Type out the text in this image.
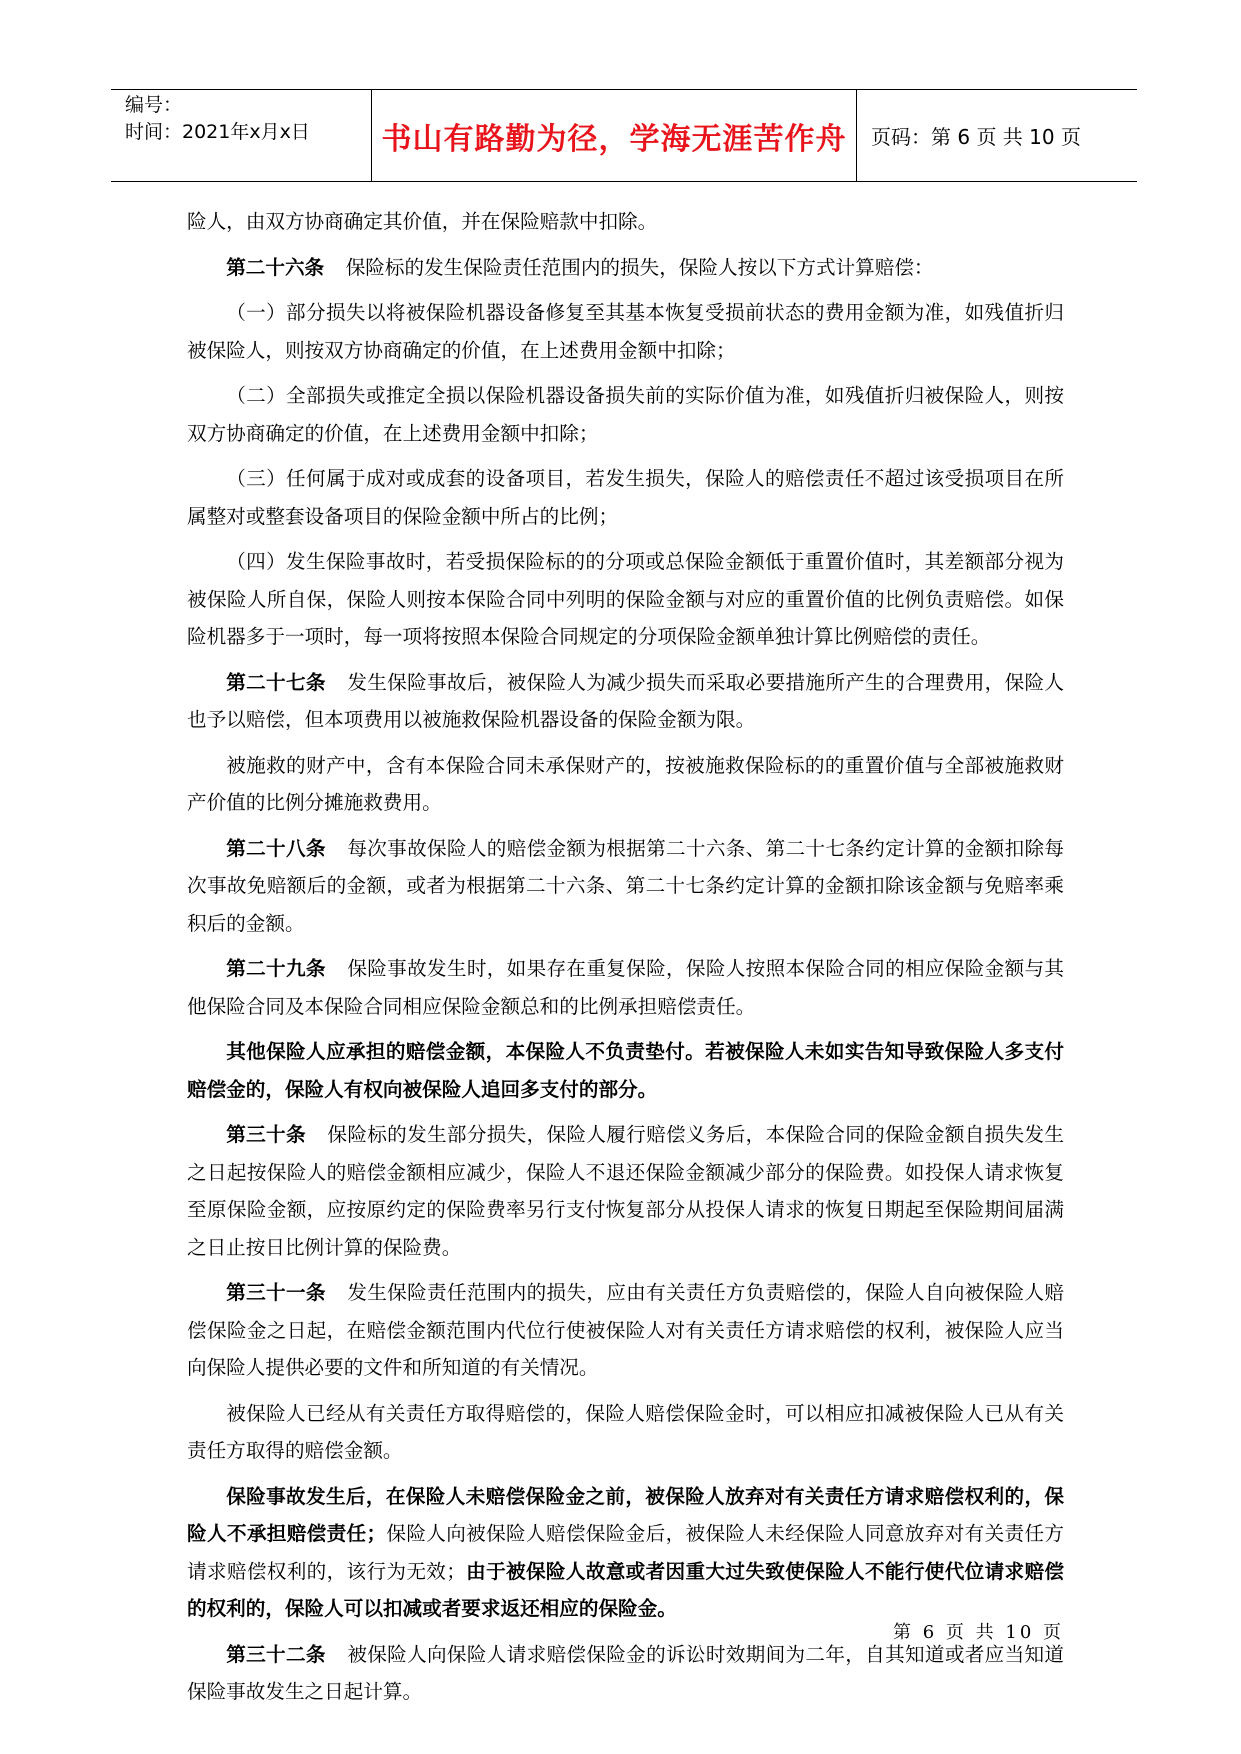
编号：
时间：2021年x月x日	书山有路勤为径，学海无涯苦作舟 页码：第 6 页 共 10 页

险人，由双方协商确定其价值，并在保险赔款中扣除。

第二十六条 保险标的发生保险责任范围内的损失，保险人按以下方式计算赔偿：

（一）部分损失以将被保险机器设备修复至其基本恢复受损前状态的费用金额为准，如残值折归被保险人，则按双方协商确定的价值，在上述费用金额中扣除；

（二）全部损失或推定全损以保险机器设备损失前的实际价值为准，如残值折归被保险人，则按双方协商确定的价值，在上述费用金额中扣除；

（三）任何属于成对或成套的设备项目，若发生损失，保险人的赔偿责任不超过该受损项目在所属整对或整套设备项目的保险金额中所占的比例；

（四）发生保险事故时，若受损保险标的的分项或总保险金额低于重置价值时，其差额部分视为被保险人所自保，保险人则按本保险合同中列明的保险金额与对应的重置价值的比例负责赔偿。如保险机器多于一项时，每一项将按照本保险合同规定的分项保险金额单独计算比例赔偿的责任。

第二十七条 发生保险事故后，被保险人为减少损失而采取必要措施所产生的合理费用，保险人也予以赔偿，但本项费用以被施救保险机器设备的保险金额为限。

被施救的财产中，含有本保险合同未承保财产的，按被施救保险标的的重置价值与全部被施救财产价值的比例分摊施救费用。

第二十八条 每次事故保险人的赔偿金额为根据第二十六条、第二十七条约定计算的金额扣除每次事故免赔额后的金额，或者为根据第二十六条、第二十七条约定计算的金额扣除该金额与免赔率乘积后的金额。

第二十九条 保险事故发生时，如果存在重复保险，保险人按照本保险合同的相应保险金额与其他保险合同及本保险合同相应保险金额总和的比例承担赔偿责任。

其他保险人应承担的赔偿金额，本保险人不负责垫付。若被保险人未如实告知导致保险人多支付赔偿金的，保险人有权向被保险人追回多支付的部分。

第三十条 保险标的发生部分损失，保险人履行赔偿义务后，本保险合同的保险金额自损失发生之日起按保险人的赔偿金额相应减少，保险人不退还保险金额减少部分的保险费。如投保人请求恢复至原保险金额，应按原约定的保险费率另行支付恢复部分从投保人请求的恢复日期起至保险期间届满之日止按日比例计算的保险费。

第三十一条 发生保险责任范围内的损失，应由有关责任方负责赔偿的，保险人自向被保险人赔偿保险金之日起，在赔偿金额范围内代位行使被保险人对有关责任方请求赔偿的权利，被保险人应当向保险人提供必要的文件和所知道的有关情况。

被保险人已经从有关责任方取得赔偿的，保险人赔偿保险金时，可以相应扣减被保险人已从有关责任方取得的赔偿金额。

保险事故发生后，在保险人未赔偿保险金之前，被保险人放弃对有关责任方请求赔偿权利的，保险人不承担赔偿责任；保险人向被保险人赔偿保险金后，被保险人未经保险人同意放弃对有关责任方请求赔偿权利的，该行为无效；由于被保险人故意或者因重大过失致使保险人不能行使代位请求赔偿的权利的，保险人可以扣减或者要求返还相应的保险金。

第三十二条 被保险人向保险人请求赔偿保险金的诉讼时效期间为二年，自其知道或者应当知道保险事故发生之日起计算。

第 6 页 共 10 页
